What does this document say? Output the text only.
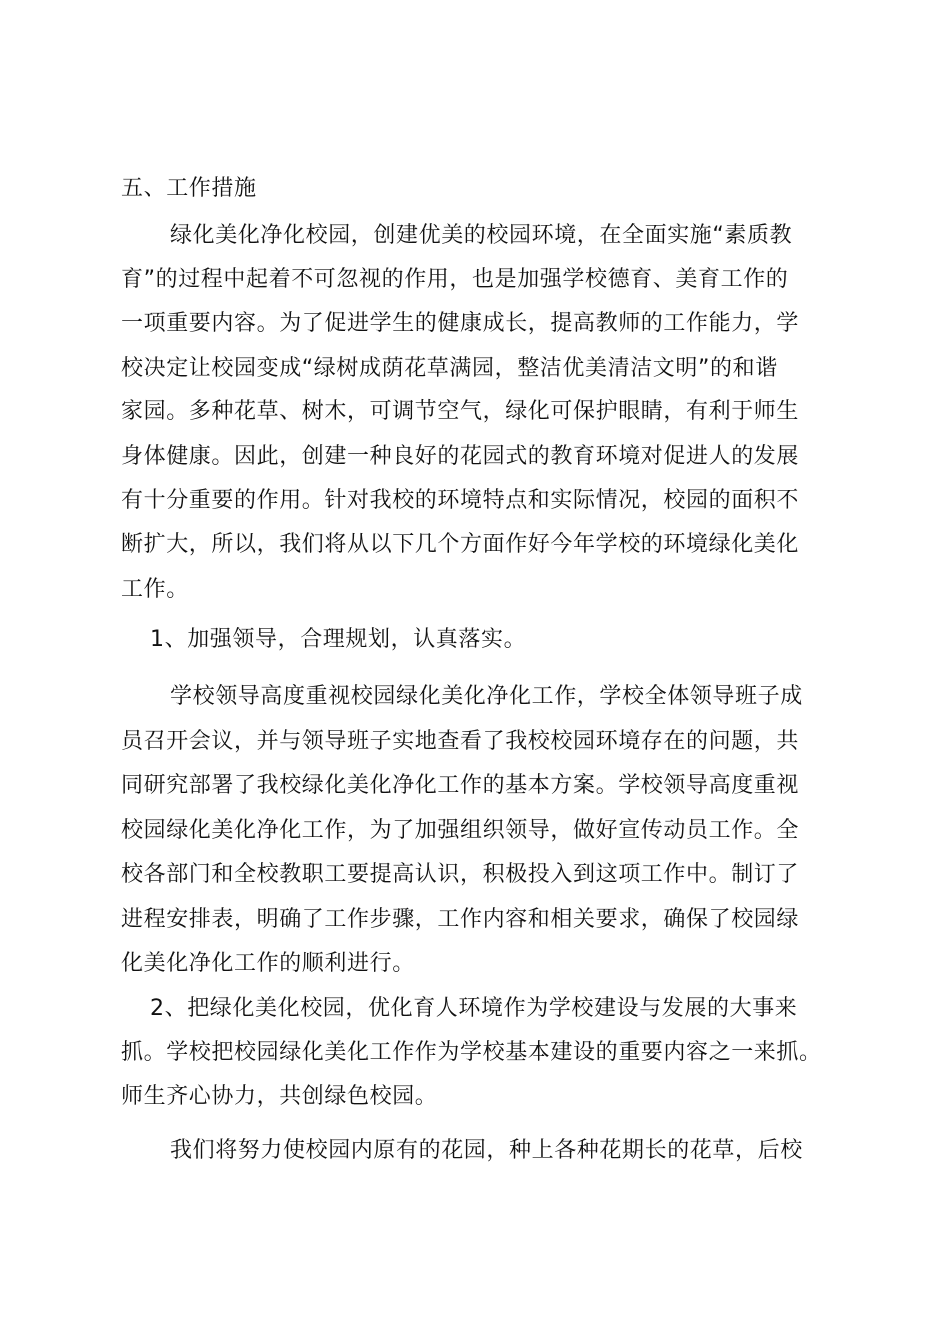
五、工作措施

绿化美化净化校园，创建优美的校园环境，在全面实施“素质教

育”的过程中起着不可忽视的作用，也是加强学校德育、美育工作的

一项重要内容。为了促进学生的健康成长，提高教师的工作能力，学

校决定让校园变成“绿树成荫花草满园，整洁优美清洁文明”的和谐

家园。多种花草、树木，可调节空气，绿化可保护眼睛，有利于师生

身体健康。因此，创建一种良好的花园式的教育环境对促进人的发展

有十分重要的作用。针对我校的环境特点和实际情况，校园的面积不

断扩大，所以，我们将从以下几个方面作好今年学校的环境绿化美化

工作。

1、加强领导，合理规划，认真落实。

学校领导高度重视校园绿化美化净化工作，学校全体领导班子成

员召开会议，并与领导班子实地查看了我校校园环境存在的问题，共

同研究部署了我校绿化美化净化工作的基本方案。学校领导高度重视

校园绿化美化净化工作，为了加强组织领导，做好宣传动员工作。全

校各部门和全校教职工要提高认识，积极投入到这项工作中。制订了

进程安排表，明确了工作步骤，工作内容和相关要求，确保了校园绿

化美化净化工作的顺利进行。

2、把绿化美化校园，优化育人环境作为学校建设与发展的大事来

抓。学校把校园绿化美化工作作为学校基本建设的重要内容之一来抓。

师生齐心协力，共创绿色校园。

我们将努力使校园内原有的花园，种上各种花期长的花草，后校
